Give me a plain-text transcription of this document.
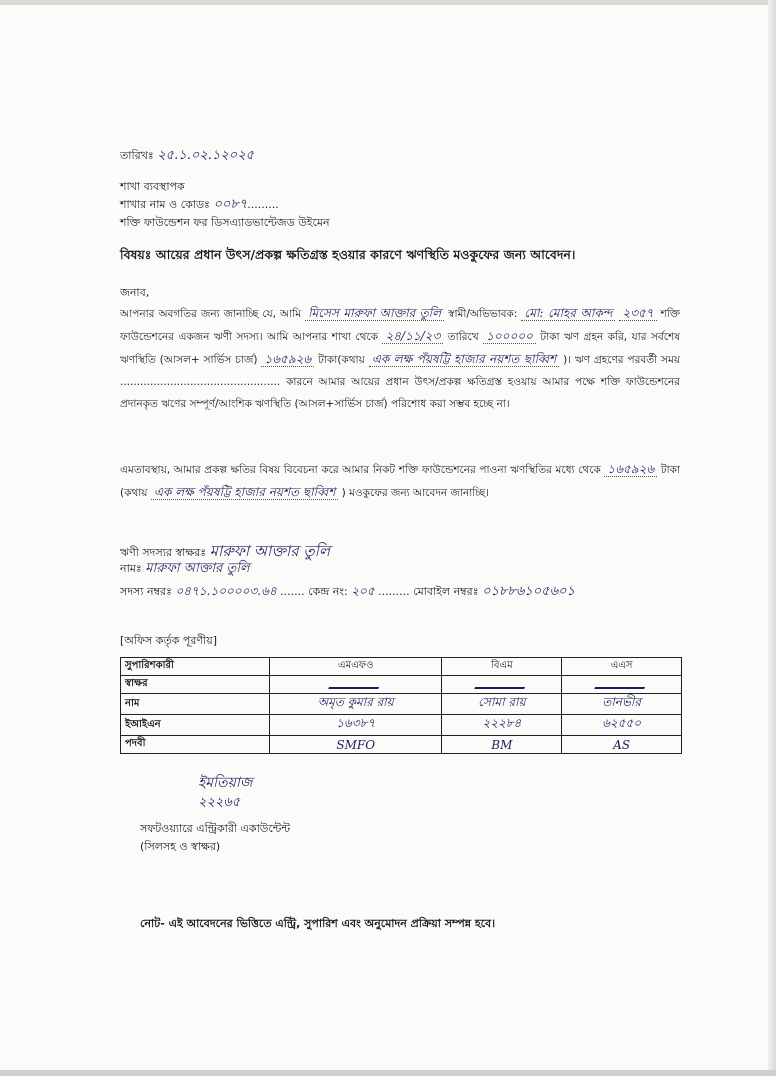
তারিখঃ ২৫.১.০২.১২০২৫
শাখা ব্যবস্থাপক
শাখার নাম ও কোডঃ ০০৮৭.........
শক্তি ফাউন্ডেশন ফর ডিসএ্যাডভান্টেজড উইমেন
বিষয়ঃ আয়ের প্রধান উৎস/প্রকল্প ক্ষতিগ্রস্ত হওয়ার কারণে ঋণস্থিতি মওকুফের জন্য আবেদন।
জনাব,
আপনার অবগতির জন্য জানাচ্ছি যে, আমি মিসেস মারুফা আক্তার তুলি স্বামী/অভিভাবক: মো: মোহর আকন্দ ২৩৫৭ শক্তি ফাউন্ডেশনের একজন ঋণী সদস্য। আমি আপনার শাখা থেকে ২৪/১১/২৩ তারিখে ১০০০০০ টাকা ঋণ গ্রহন করি, যার সর্বশেষ ঋণস্থিতি (আসল+ সার্ভিস চার্জ) ১৬৫৯২৬ টাকা(কথায় এক লক্ষ পঁয়ষট্টি হাজার নয়শত ছাব্বিশ )। ঋণ গ্রহণের পরবর্তী সময় ................................................ কারনে আমার আয়ের প্রধান উৎস/প্রকল্প ক্ষতিগ্রস্ত হওয়ায় আমার পক্ষে শক্তি ফাউন্ডেশনের প্রদানকৃত ঋণের সম্পূর্ণ/আংশিক ঋণস্থিতি (আসল+সার্ভিস চার্জ) পরিশোধ করা সম্ভব হচ্ছে না।
এমতাবস্থায়, আমার প্রকল্প ক্ষতির বিষয় বিবেচনা করে আমার নিকট শক্তি ফাউন্ডেশনের পাওনা ঋণস্থিতির মধ্যে থেকে ১৬৫৯২৬ টাকা (কথায় এক লক্ষ পঁয়ষট্টি হাজার নয়শত ছাব্বিশ ) মওকুফের জন্য আবেদন জানাচ্ছি।
ঋণী সদস্যর স্বাক্ষরঃ মারুফা আক্তার তুলি
নামঃ মারুফা আক্তার তুলি
সদস্য নম্বরঃ ০৪৭১.১০০০০৩.৬৪ ....... কেন্দ্র নং: ২০৫ ......... মোবাইল নম্বরঃ ০১৮৮৬১০৫৬০১
[অফিস কর্তৃক পূরণীয়]
সুপারিশকারী	এমএফও	বিএম	এএস
স্বাক্ষর			
নাম	অমৃত কুমার রায়	সোমা রায়	তানভীর
ইআইএন	১৬৩৮৭	২২২৮৪	৬২৫৫০
পদবী	SMFO	BM	AS
ইমতিয়াজ
২২২৬৫
সফটওয়্যারে এন্ট্রিকারী একাউন্টেন্ট
(সিলসহ ও স্বাক্ষর)
নোট- এই আবেদনের ভিত্তিতে এন্ট্রি, সুপারিশ এবং অনুমোদন প্রক্রিয়া সম্পন্ন হবে।
